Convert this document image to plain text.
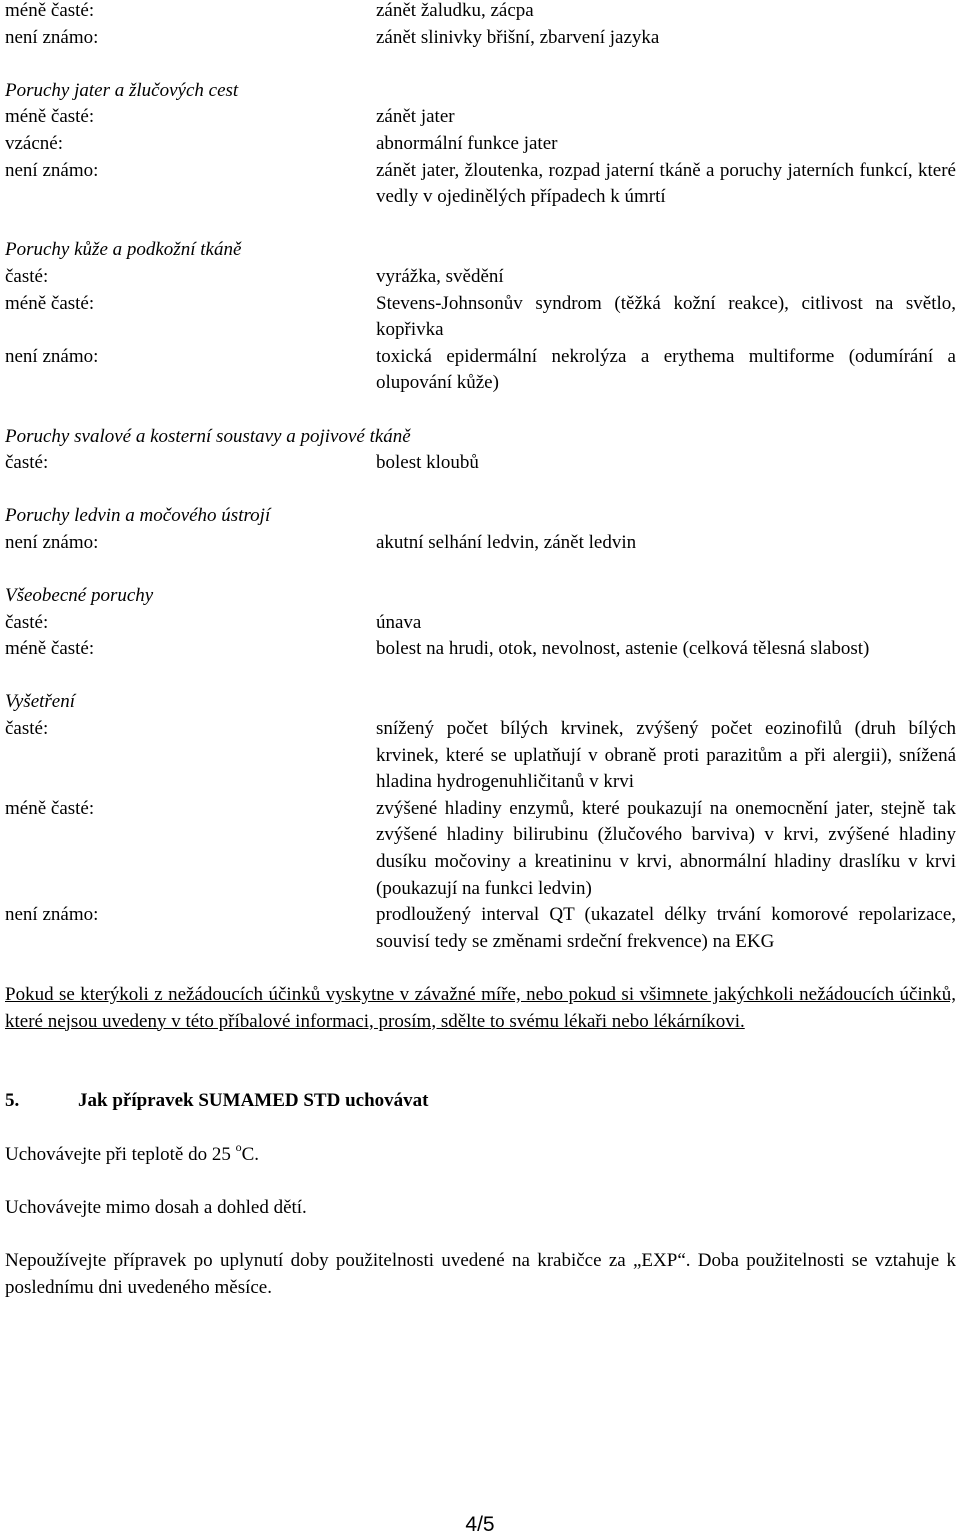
méně časté:	zánět žaludku, zácpa
není známo:	zánět slinivky břišní, zbarvení jazyka
Poruchy jater a žlučových cest
méně časté:	zánět jater
vzácné:	abnormální funkce jater
není známo:	zánět jater, žloutenka, rozpad jaterní tkáně a poruchy jaterních funkcí, které vedly v ojedinělých případech k úmrtí
Poruchy kůže a podkožní tkáně
časté:	vyrážka, svědění
méně časté:	Stevens-Johnsonův syndrom (těžká kožní reakce), citlivost na světlo, kopřivka
není známo:	toxická epidermální nekrolýza a erythema multiforme (odumírání a olupování kůže)
Poruchy svalové a kosterní soustavy a pojivové tkáně
časté:	bolest kloubů
Poruchy ledvin a močového ústrojí
není známo:	akutní selhání ledvin, zánět ledvin
Všeobecné poruchy
časté:	únava
méně časté:	bolest na hrudi, otok, nevolnost, astenie (celková tělesná slabost)
Vyšetření
časté:	snížený počet bílých krvinek, zvýšený počet eozinofilů (druh bílých krvinek, které se uplatňují v obraně proti parazitům a při alergii), snížená hladina hydrogenuhličitanů v krvi
méně časté:	zvýšené hladiny enzymů, které poukazují na onemocnění jater, stejně tak zvýšené hladiny bilirubinu (žlučového barviva) v krvi, zvýšené hladiny dusíku močoviny a kreatininu v krvi, abnormální hladiny draslíku v krvi (poukazují na funkci ledvin)
není známo:	prodloužený interval QT (ukazatel délky trvání komorové repolarizace, souvisí tedy se změnami srdeční frekvence) na EKG
Pokud se kterýkoli z nežádoucích účinků vyskytne v závažné míře, nebo pokud si všimnete jakýchkoli nežádoucích účinků, které nejsou uvedeny v této příbalové informaci, prosím, sdělte to svému lékaři nebo lékárníkovi.
5.	Jak přípravek SUMAMED STD uchovávat
Uchovávejte při teplotě do 25 $^o$C.
Uchovávejte mimo dosah a dohled dětí.
Nepoužívejte přípravek po uplynutí doby použitelnosti uvedené na krabičce za „EXP“. Doba použitelnosti se vztahuje k poslednímu dni uvedeného měsíce.
4/5
